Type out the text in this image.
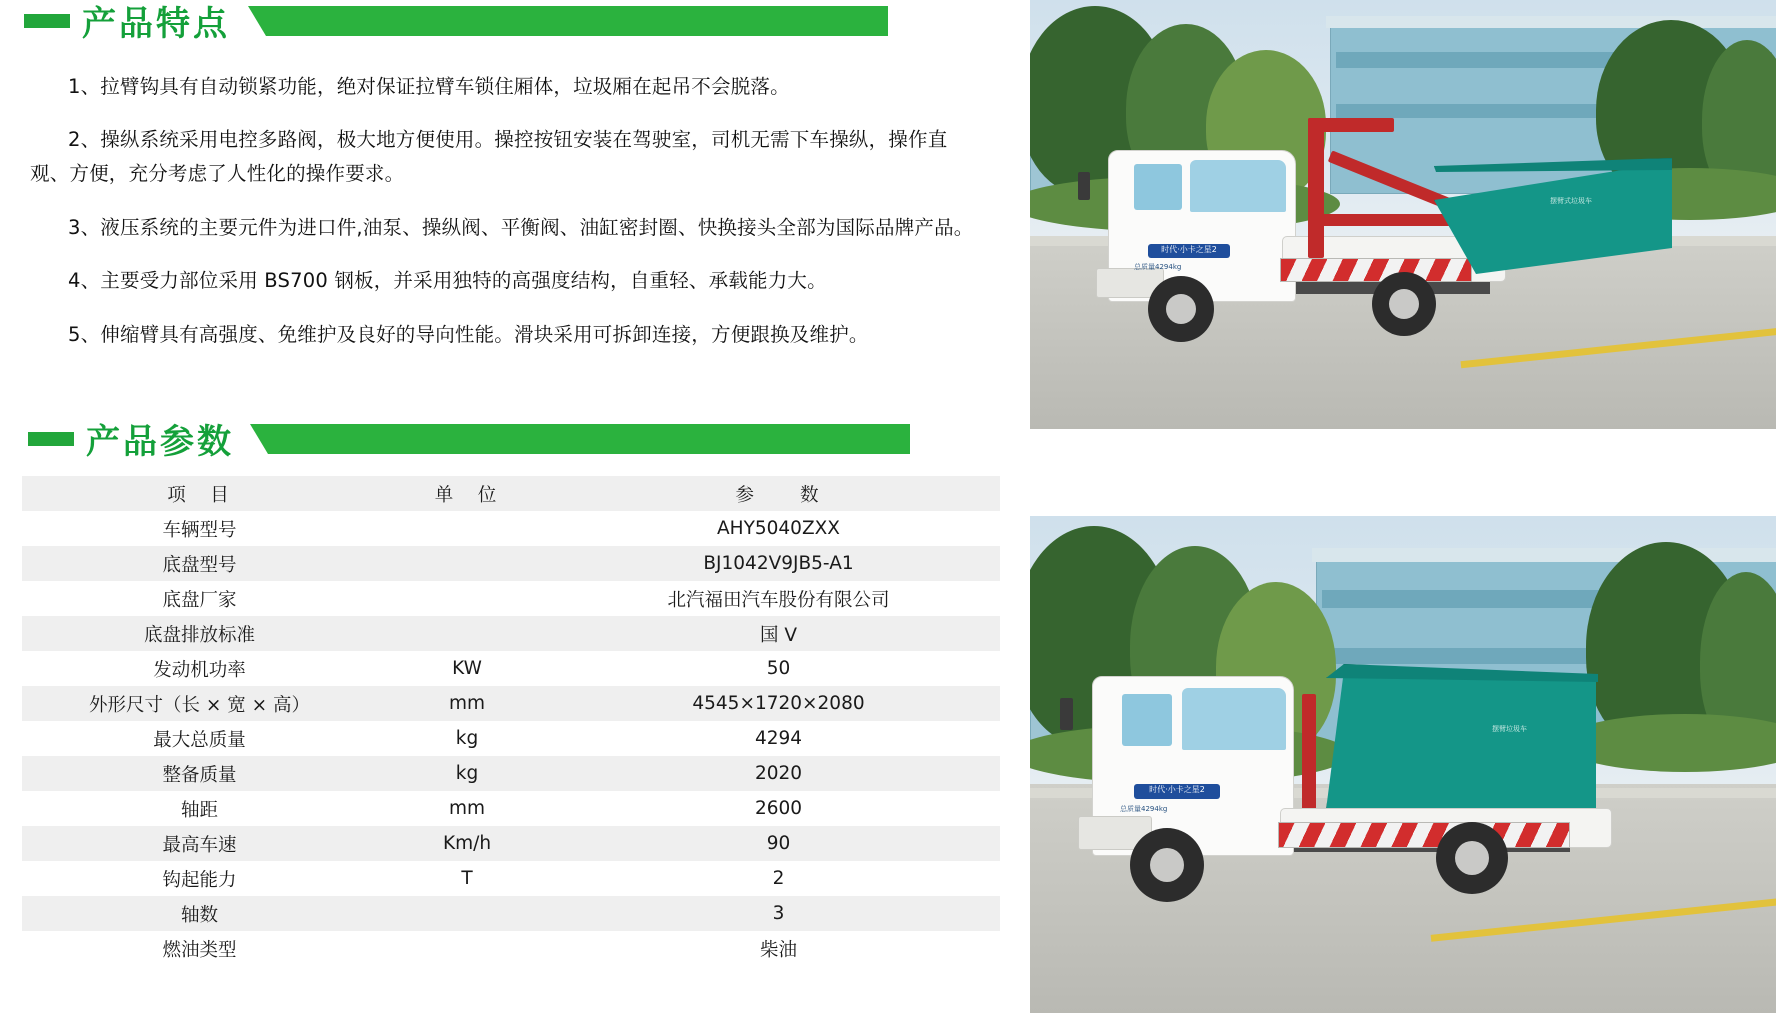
产品特点

1、拉臂钩具有自动锁紧功能，绝对保证拉臂车锁住厢体，垃圾厢在起吊不会脱落。

2、操纵系统采用电控多路阀，极大地方便使用。操控按钮安装在驾驶室，司机无需下车操纵，操作直观、方便，充分考虑了人性化的操作要求。

3、液压系统的主要元件为进口件,油泵、操纵阀、平衡阀、油缸密封圈、快换接头全部为国际品牌产品。

4、主要受力部位采用 BS700 钢板，并采用独特的高强度结构，自重轻、承载能力大。

5、伸缩臂具有高强度、免维护及良好的导向性能。滑块采用可拆卸连接，方便跟换及维护。

产品参数
项　目	单　位	参　　数
车辆型号		AHY5040ZXX
底盘型号		BJ1042V9JB5-A1
底盘厂家		北汽福田汽车股份有限公司
底盘排放标准		国 V
发动机功率	KW	50
外形尺寸（长 × 宽 × 高）	mm	4545×1720×2080
最大总质量	kg	4294
整备质量	kg	2020
轴距	mm	2600
最高车速	Km/h	90
钩起能力	T	2
轴数		3
燃油类型		柴油
时代·小卡之星2
总质量4294kg
摆臂式垃圾车
时代·小卡之星2
总质量4294kg
摆臂垃圾车
